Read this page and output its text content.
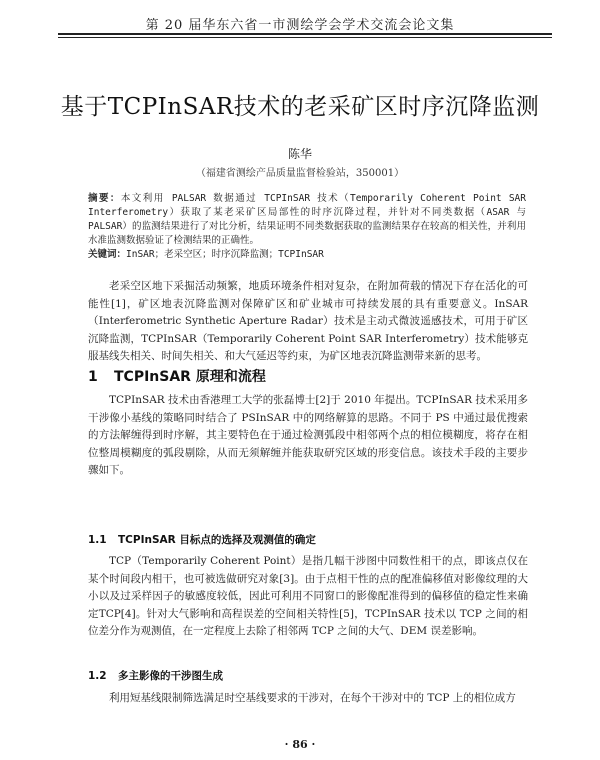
第 20 届华东六省一市测绘学会学术交流会论文集
基于TCPInSAR技术的老采矿区时序沉降监测
陈华
（福建省测绘产品质量监督检验站，350001）
摘要：本文利用 PALSAR 数据通过 TCPInSAR 技术（Temporarily Coherent Point SAR Interferometry）获取了某老采矿区局部性的时序沉降过程，并针对不同类数据（ASAR 与 PALSAR）的监测结果进行了对比分析，结果证明不同类数据获取的监测结果存在较高的相关性，并利用水准监测数据验证了检测结果的正确性。
关键词：InSAR；老采空区；时序沉降监测；TCPInSAR

老采空区地下采掘活动频繁，地质环境条件相对复杂，在附加荷载的情况下存在活化的可能性[1]，矿区地表沉降监测对保障矿区和矿业城市可持续发展的具有重要意义。InSAR（Interferometric Synthetic Aperture Radar）技术是主动式微波遥感技术，可用于矿区沉降监测，TCPInSAR（Temporarily Coherent Point SAR Interferometry）技术能够克服基线失相关、时间失相关、和大气延迟等约束，为矿区地表沉降监测带来新的思考。

1 TCPInSAR 原理和流程

TCPInSAR 技术由香港理工大学的张磊博士[2]于 2010 年提出。TCPInSAR 技术采用多干涉像小基线的策略同时结合了 PSInSAR 中的网络解算的思路。不同于 PS 中通过最优搜索的方法解缠得到时序解，其主要特色在于通过检测弧段中相邻两个点的相位模糊度，将存在相位整周模糊度的弧段剔除，从而无须解缠并能获取研究区域的形变信息。该技术手段的主要步骤如下。

1.1 TCPInSAR 目标点的选择及观测值的确定

TCP（Temporarily Coherent Point）是指几幅干涉图中同数性相干的点，即该点仅在某个时间段内相干，也可被选做研究对象[3]。由于点相干性的点的配准偏移值对影像纹理的大小以及过采样因子的敏感度较低，因此可利用不同窗口的影像配准得到的偏移值的稳定性来确定TCP[4]。针对大气影响和高程误差的空间相关特性[5]，TCPInSAR 技术以 TCP 之间的相位差分作为观测值，在一定程度上去除了相邻两 TCP 之间的大气、DEM 误差影响。

1.2 多主影像的干涉图生成

利用短基线限制筛选满足时空基线要求的干涉对，在每个干涉对中的 TCP 上的相位成方

· 86 ·
